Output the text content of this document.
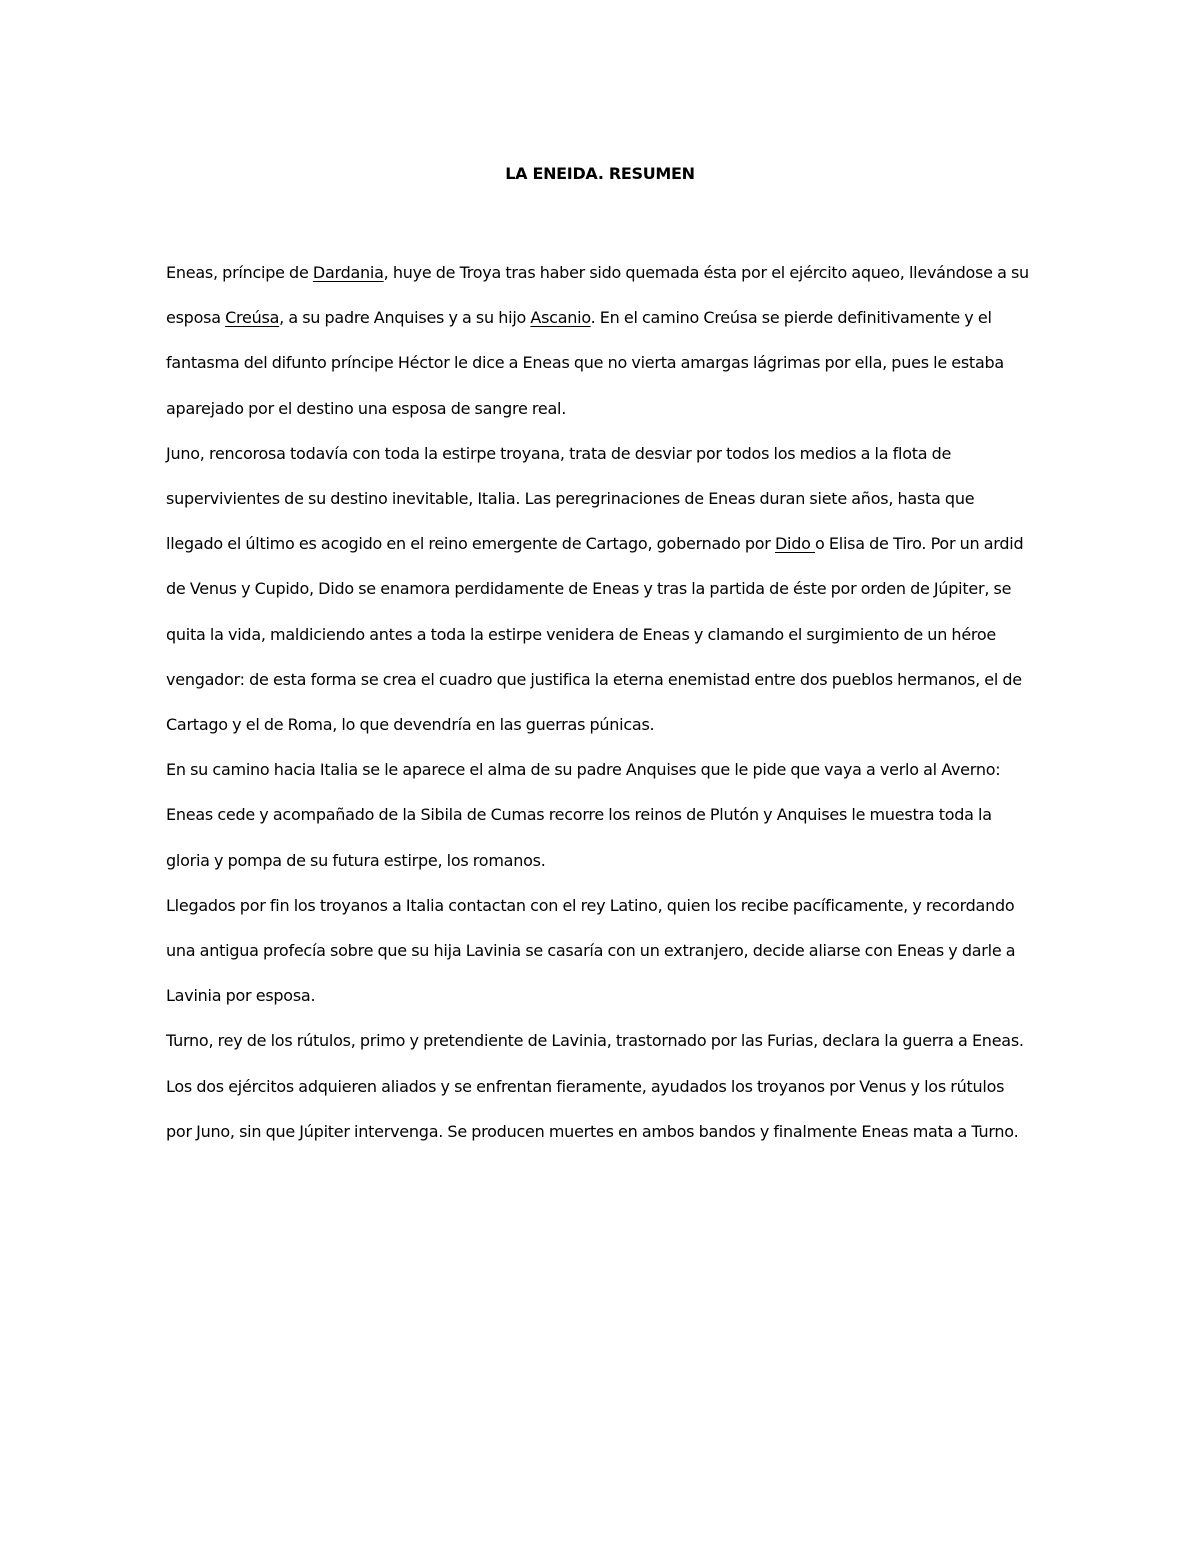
LA ENEIDA. RESUMEN

Eneas, príncipe de Dardania, huye de Troya tras haber sido quemada ésta por el ejército aqueo, llevándose a su esposa Creúsa, a su padre Anquises y a su hijo Ascanio. En el camino Creúsa se pierde definitivamente y el fantasma del difunto príncipe Héctor le dice a Eneas que no vierta amargas lágrimas por ella, pues le estaba aparejado por el destino una esposa de sangre real.

Juno, rencorosa todavía con toda la estirpe troyana, trata de desviar por todos los medios a la flota de supervivientes de su destino inevitable, Italia. Las peregrinaciones de Eneas duran siete años, hasta que llegado el último es acogido en el reino emergente de Cartago, gobernado por Dido o Elisa de Tiro. Por un ardid de Venus y Cupido, Dido se enamora perdidamente de Eneas y tras la partida de éste por orden de Júpiter, se quita la vida, maldiciendo antes a toda la estirpe venidera de Eneas y clamando el surgimiento de un héroe vengador: de esta forma se crea el cuadro que justifica la eterna enemistad entre dos pueblos hermanos, el de Cartago y el de Roma, lo que devendría en las guerras púnicas.

En su camino hacia Italia se le aparece el alma de su padre Anquises que le pide que vaya a verlo al Averno: Eneas cede y acompañado de la Sibila de Cumas recorre los reinos de Plutón y Anquises le muestra toda la gloria y pompa de su futura estirpe, los romanos.

Llegados por fin los troyanos a Italia contactan con el rey Latino, quien los recibe pacíficamente, y recordando una antigua profecía sobre que su hija Lavinia se casaría con un extranjero, decide aliarse con Eneas y darle a Lavinia por esposa.

Turno, rey de los rútulos, primo y pretendiente de Lavinia, trastornado por las Furias, declara la guerra a Eneas. Los dos ejércitos adquieren aliados y se enfrentan fieramente, ayudados los troyanos por Venus y los rútulos por Juno, sin que Júpiter intervenga. Se producen muertes en ambos bandos y finalmente Eneas mata a Turno.
